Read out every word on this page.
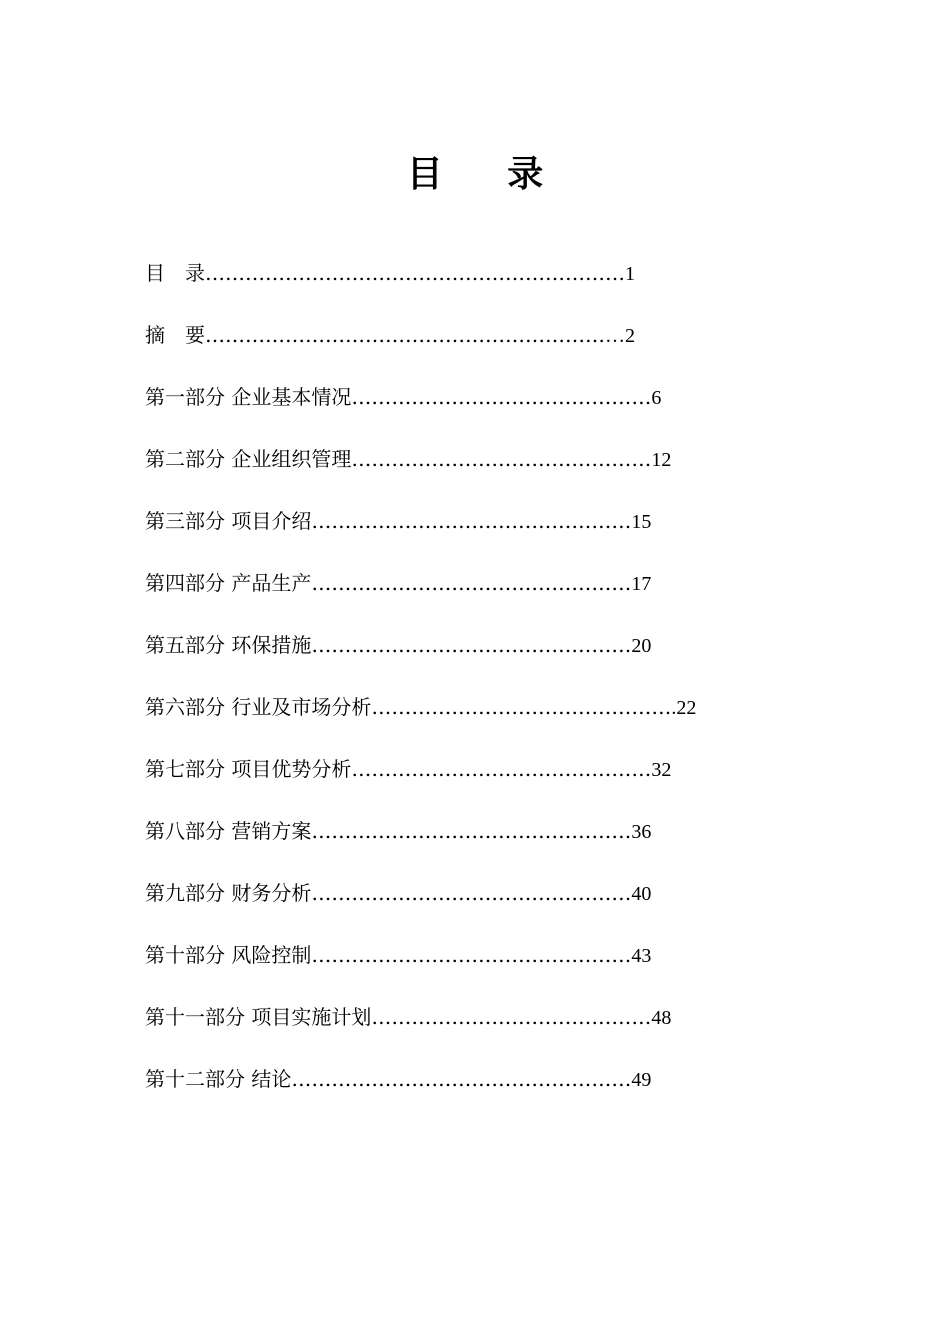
目 录
目　录 ……………………………………………………… 1
摘　要 …………………………………………………… …2
第一部分 企业基本情况 ……………………………………… 6
第二部分 企业组织管理 ……………………………………… 12
第三部分 项目介绍 ………………………………………… 15
第四部分 产品生产 ………………………………………… 17
第五部分 环保措施 ………………………………………… 20
第六部分 行业及市场分析 ……………………………………… .22
第七部分 项目优势分析 ……………………………………… 32
第八部分 营销方案 ………………………………………… 36
第九部分 财务分析 ………………………………………… 40
第十部分 风险控制 ………………………………………… 43
第十一部分 项目实施计划 …………………………………… 48
第十二部分 结论 …………………………………………… 49
